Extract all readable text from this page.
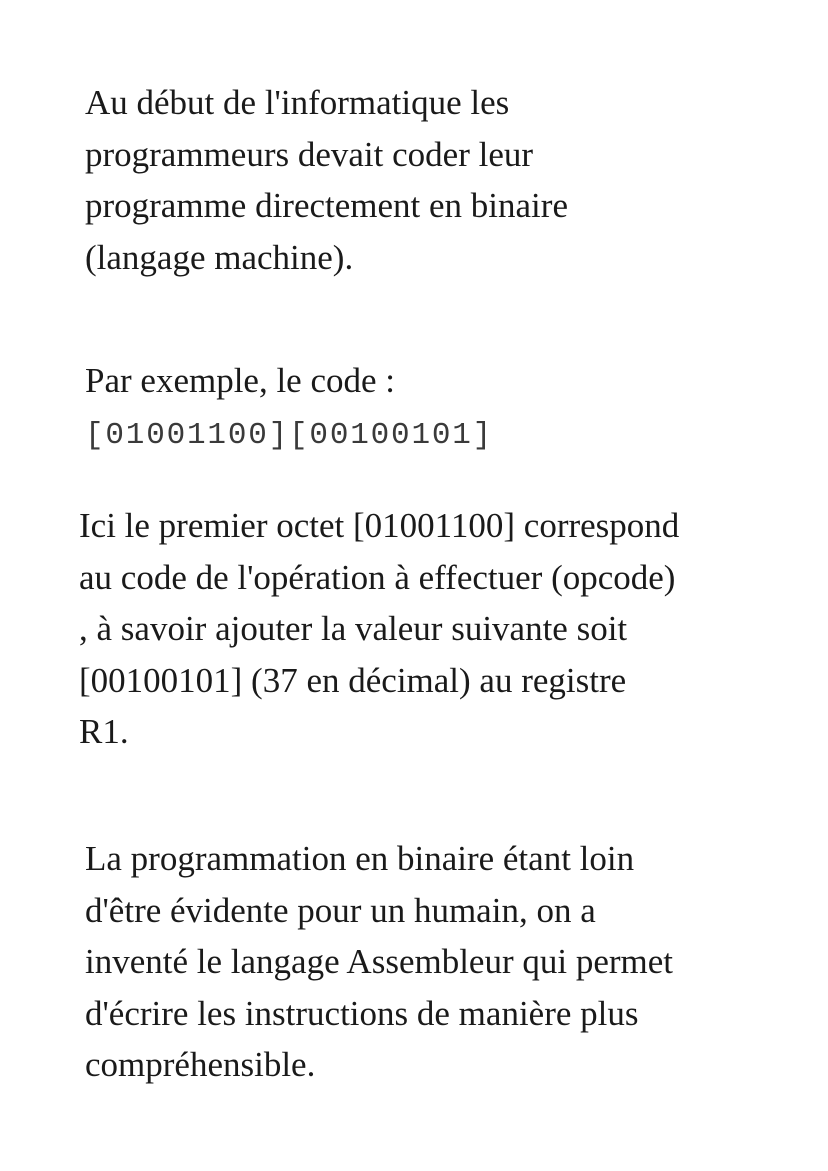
Au début de l'informatique les
programmeurs devait coder leur
programme directement en binaire
(langage machine).

Par exemple, le code :

[01001100][00100101]

Ici le premier octet [01001100] correspond
au code de l'opération à effectuer (opcode)
, à savoir ajouter la valeur suivante soit
[00100101] (37 en décimal) au registre
R1.

La programmation en binaire étant loin
d'être évidente pour un humain, on a
inventé le langage Assembleur qui permet
d'écrire les instructions de manière plus
compréhensible.
